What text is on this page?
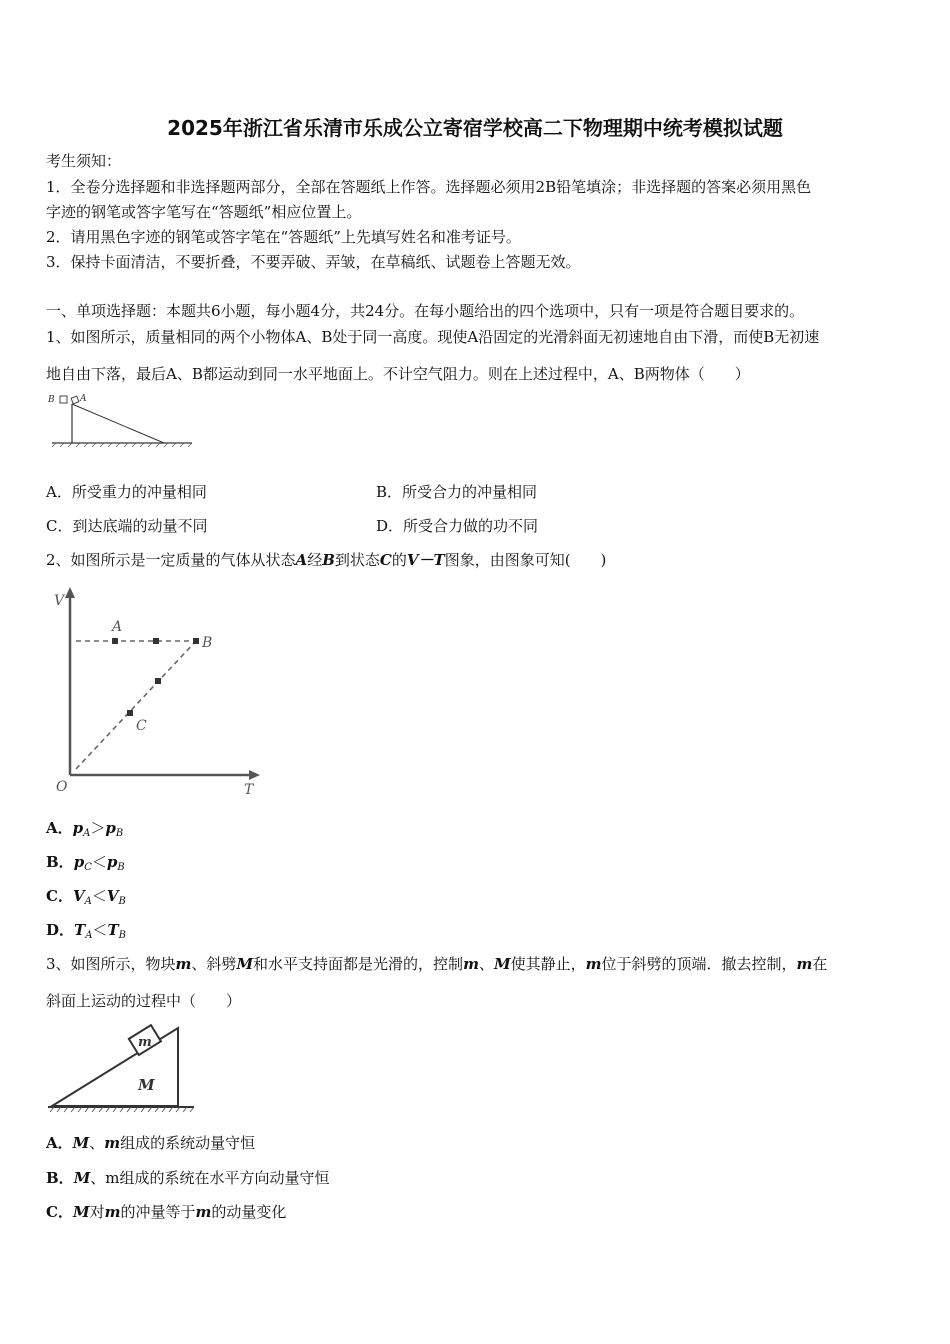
2025年浙江省乐清市乐成公立寄宿学校高二下物理期中统考模拟试题
考生须知：
1．全卷分选择题和非选择题两部分，全部在答题纸上作答。选择题必须用2B铅笔填涂；非选择题的答案必须用黑色
字迹的钢笔或答字笔写在“答题纸”相应位置上。
2．请用黑色字迹的钢笔或答字笔在“答题纸”上先填写姓名和准考证号。
3．保持卡面清洁，不要折叠，不要弄破、弄皱，在草稿纸、试题卷上答题无效。
一、单项选择题：本题共6小题，每小题4分，共24分。在每小题给出的四个选项中，只有一项是符合题目要求的。
1、如图所示，质量相同的两个小物体A、B处于同一高度。现使A沿固定的光滑斜面无初速地自由下滑，而使B无初速
地自由下落，最后A、B都运动到同一水平地面上。不计空气阻力。则在上述过程中，A、B两物体（　　）
B	A
A．所受重力的冲量相同	B．所受合力的冲量相同
C．到达底端的动量不同	D．所受合力做的功不同
2、如图所示是一定质量的气体从状态A经B到状态C的V－T图象，由图象可知(　　)
V
T
O
A
B
C
A．$p_A>p_B$
B．$p_C<p_B$
C．$V_A<V_B$
D．$T_A<T_B$
3、如图所示，物块m、斜劈M和水平支持面都是光滑的，控制m、M使其静止，m位于斜劈的顶端．撤去控制，m在
斜面上运动的过程中（　　）
m
M
A．M、m组成的系统动量守恒
B．M、m组成的系统在水平方向动量守恒
C．M对m的冲量等于m的动量变化
